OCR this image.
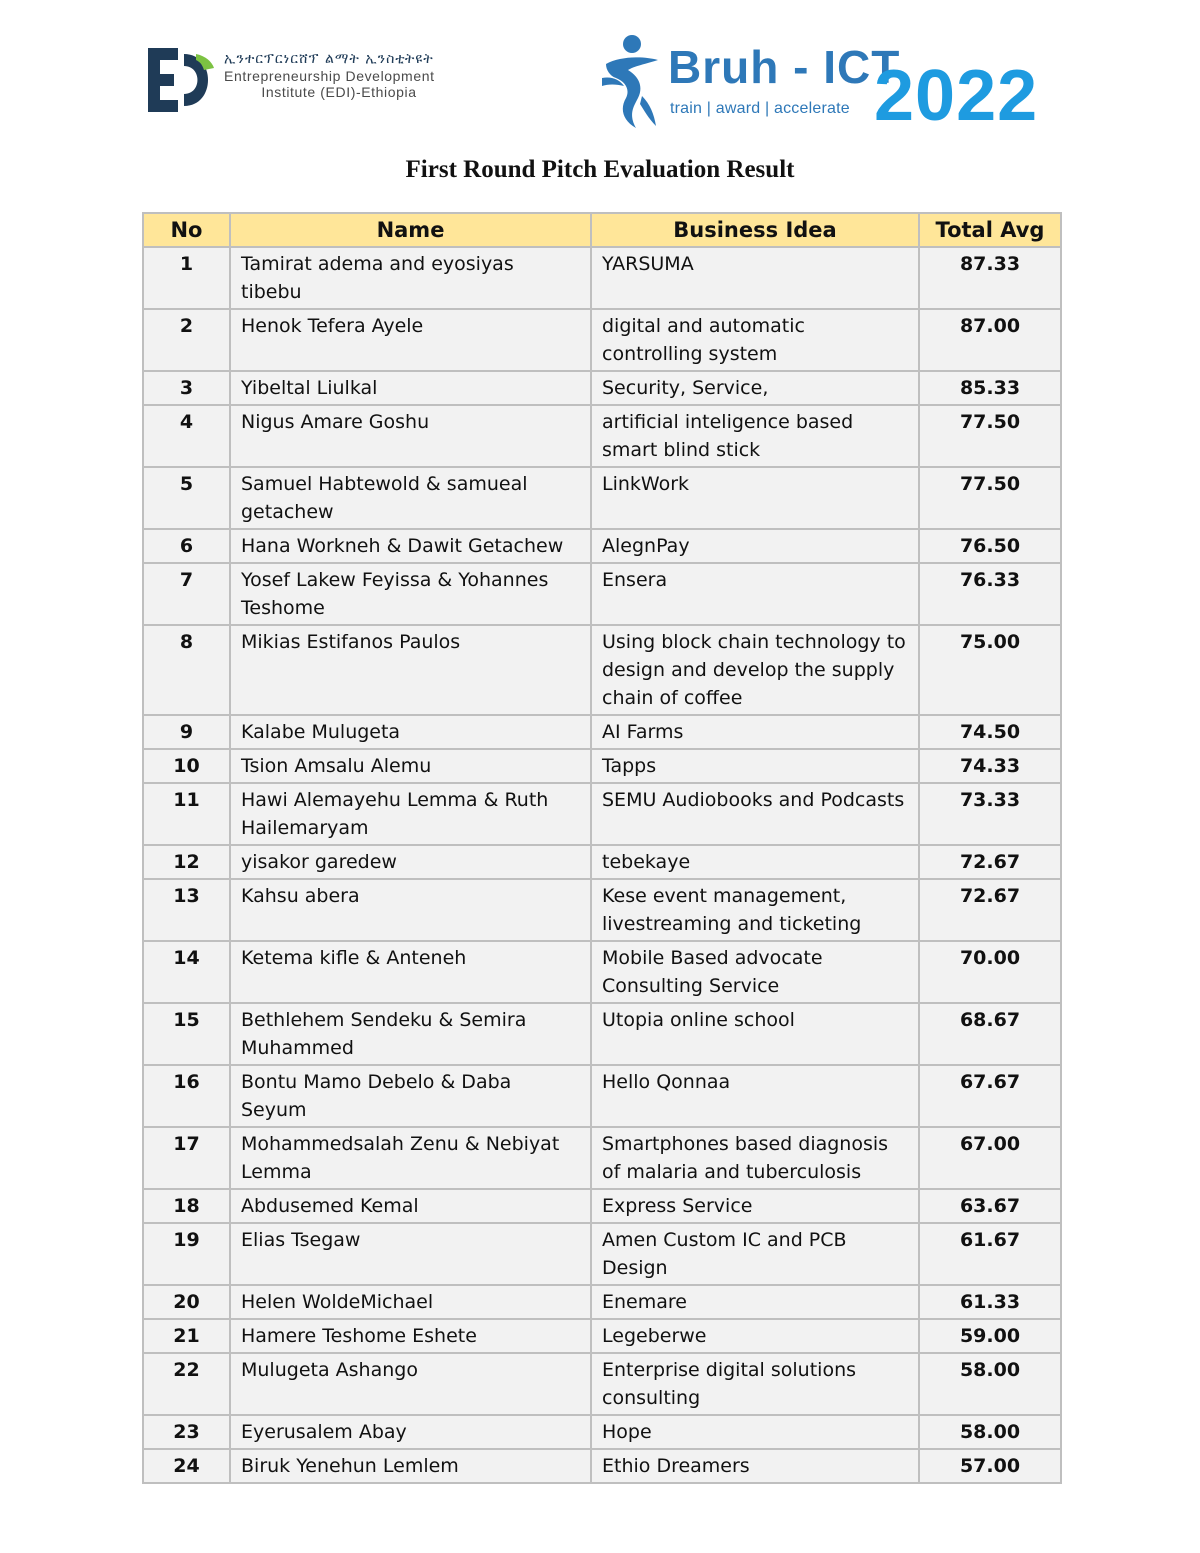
ኢንተርፕርነርሸፕ ልማት ኢንስቲትዩት
Entrepreneurship Development
Institute (EDI)-Ethiopia	Bruh - ICT
train | award | accelerate 2022
First Round Pitch Evaluation Result
No	Name	Business Idea	Total Avg
1	Tamirat adema and eyosiyas tibebu	YARSUMA	87.33
2	Henok Tefera Ayele	digital and automatic controlling system	87.00
3	Yibeltal Liulkal	Security, Service,	85.33
4	Nigus Amare Goshu	artificial inteligence based smart blind stick	77.50
5	Samuel Habtewold & samueal getachew	LinkWork	77.50
6	Hana Workneh & Dawit Getachew	AlegnPay	76.50
7	Yosef Lakew Feyissa & Yohannes Teshome	Ensera	76.33
8	Mikias Estifanos Paulos	Using block chain technology to design and develop the supply chain of coffee	75.00
9	Kalabe Mulugeta	AI Farms	74.50
10	Tsion Amsalu Alemu	Tapps	74.33
11	Hawi Alemayehu Lemma & Ruth Hailemaryam	SEMU Audiobooks and Podcasts	73.33
12	yisakor garedew	tebekaye	72.67
13	Kahsu abera	Kese event management, livestreaming and ticketing	72.67
14	Ketema kifle & Anteneh	Mobile Based advocate Consulting Service	70.00
15	Bethlehem Sendeku & Semira Muhammed	Utopia online school	68.67
16	Bontu Mamo Debelo & Daba Seyum	Hello Qonnaa	67.67
17	Mohammedsalah Zenu & Nebiyat Lemma	Smartphones based diagnosis of malaria and tuberculosis	67.00
18	Abdusemed Kemal	Express Service	63.67
19	Elias Tsegaw	Amen Custom IC and PCB Design	61.67
20	Helen WoldeMichael	Enemare	61.33
21	Hamere Teshome Eshete	Legeberwe	59.00
22	Mulugeta Ashango	Enterprise digital solutions consulting	58.00
23	Eyerusalem Abay	Hope	58.00
24	Biruk Yenehun Lemlem	Ethio Dreamers	57.00
